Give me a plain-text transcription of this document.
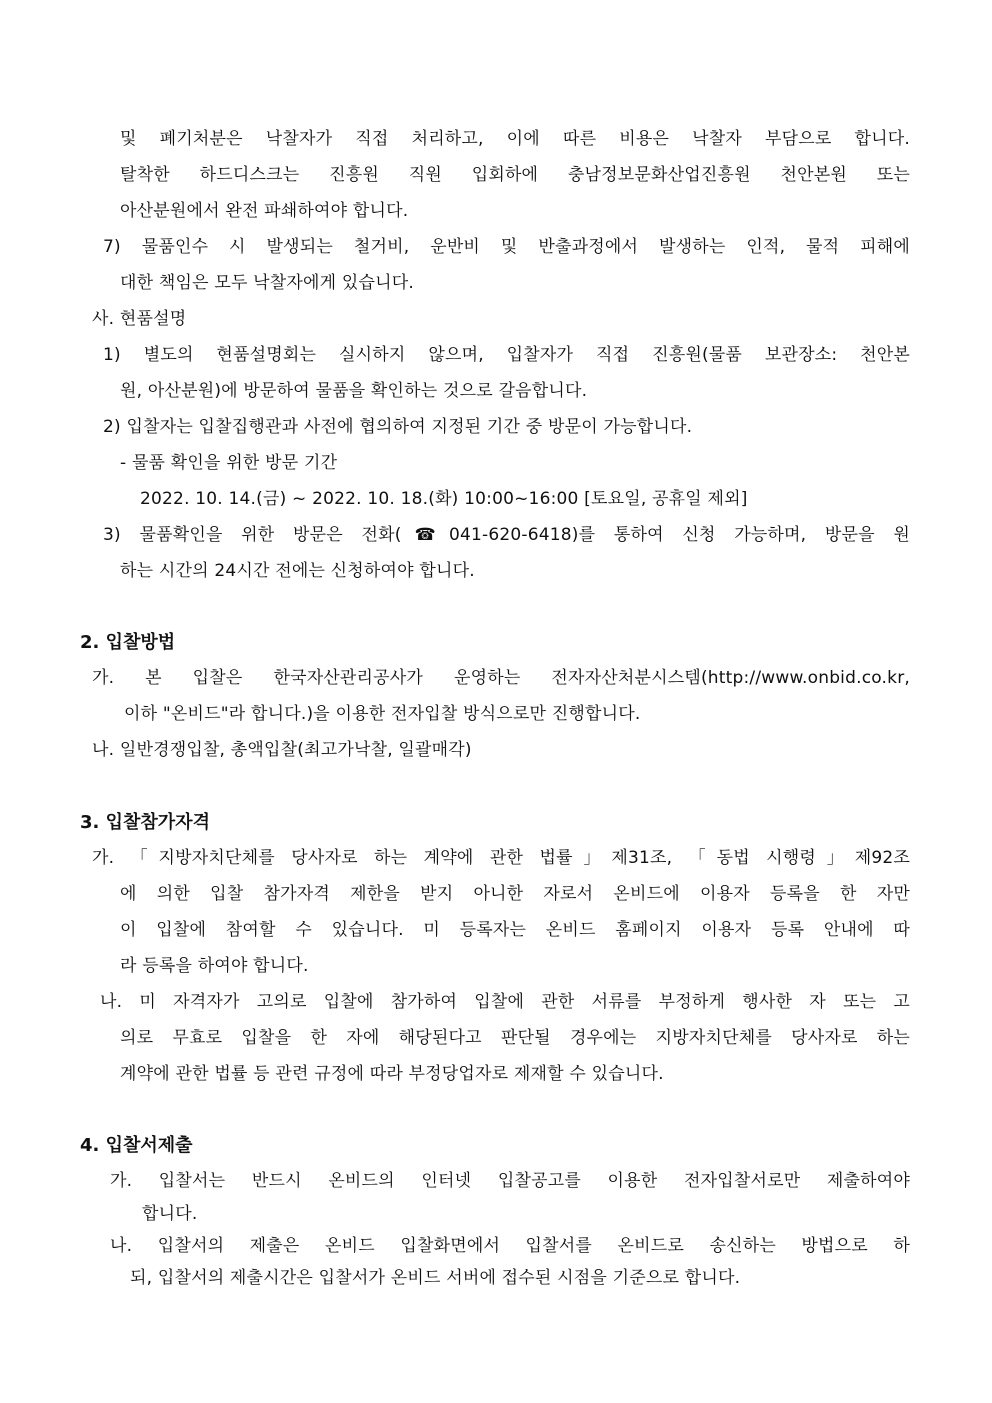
및 폐기처분은 낙찰자가 직접 처리하고, 이에 따른 비용은 낙찰자 부담으로 합니다.
탈착한 하드디스크는 진흥원 직원 입회하에 충남정보문화산업진흥원 천안본원 또는
아산분원에서 완전 파쇄하여야 합니다.
7) 물품인수 시 발생되는 철거비, 운반비 및 반출과정에서 발생하는 인적, 물적 피해에
대한 책임은 모두 낙찰자에게 있습니다.
사. 현품설명
1) 별도의 현품설명회는 실시하지 않으며, 입찰자가 직접 진흥원(물품 보관장소: 천안본
원, 아산분원)에 방문하여 물품을 확인하는 것으로 갈음합니다.
2) 입찰자는 입찰집행관과 사전에 협의하여 지정된 기간 중 방문이 가능합니다.
- 물품 확인을 위한 방문 기간
2022. 10. 14.(금) ~ 2022. 10. 18.(화) 10:00~16:00 [토요일, 공휴일 제외]
3) 물품확인을 위한 방문은 전화(☎041-620-6418)를 통하여 신청 가능하며, 방문을 원
하는 시간의 24시간 전에는 신청하여야 합니다.
2. 입찰방법
가. 본 입찰은 한국자산관리공사가 운영하는 전자자산처분시스템(http://www.onbid.co.kr,
이하 "온비드"라 합니다.)을 이용한 전자입찰 방식으로만 진행합니다.
나. 일반경쟁입찰, 총액입찰(최고가낙찰, 일괄매각)
3. 입찰참가자격
가. 「지방자치단체를 당사자로 하는 계약에 관한 법률」제31조, 「동법 시행령」제92조
에 의한 입찰 참가자격 제한을 받지 아니한 자로서 온비드에 이용자 등록을 한 자만
이 입찰에 참여할 수 있습니다. 미 등록자는 온비드 홈페이지 이용자 등록 안내에 따
라 등록을 하여야 합니다.
나. 미 자격자가 고의로 입찰에 참가하여 입찰에 관한 서류를 부정하게 행사한 자 또는 고
의로 무효로 입찰을 한 자에 해당된다고 판단될 경우에는 지방자치단체를 당사자로 하는
계약에 관한 법률 등 관련 규정에 따라 부정당업자로 제재할 수 있습니다.
4. 입찰서제출
가. 입찰서는 반드시 온비드의 인터넷 입찰공고를 이용한 전자입찰서로만 제출하여야
합니다.
나. 입찰서의 제출은 온비드 입찰화면에서 입찰서를 온비드로 송신하는 방법으로 하
되, 입찰서의 제출시간은 입찰서가 온비드 서버에 접수된 시점을 기준으로 합니다.
